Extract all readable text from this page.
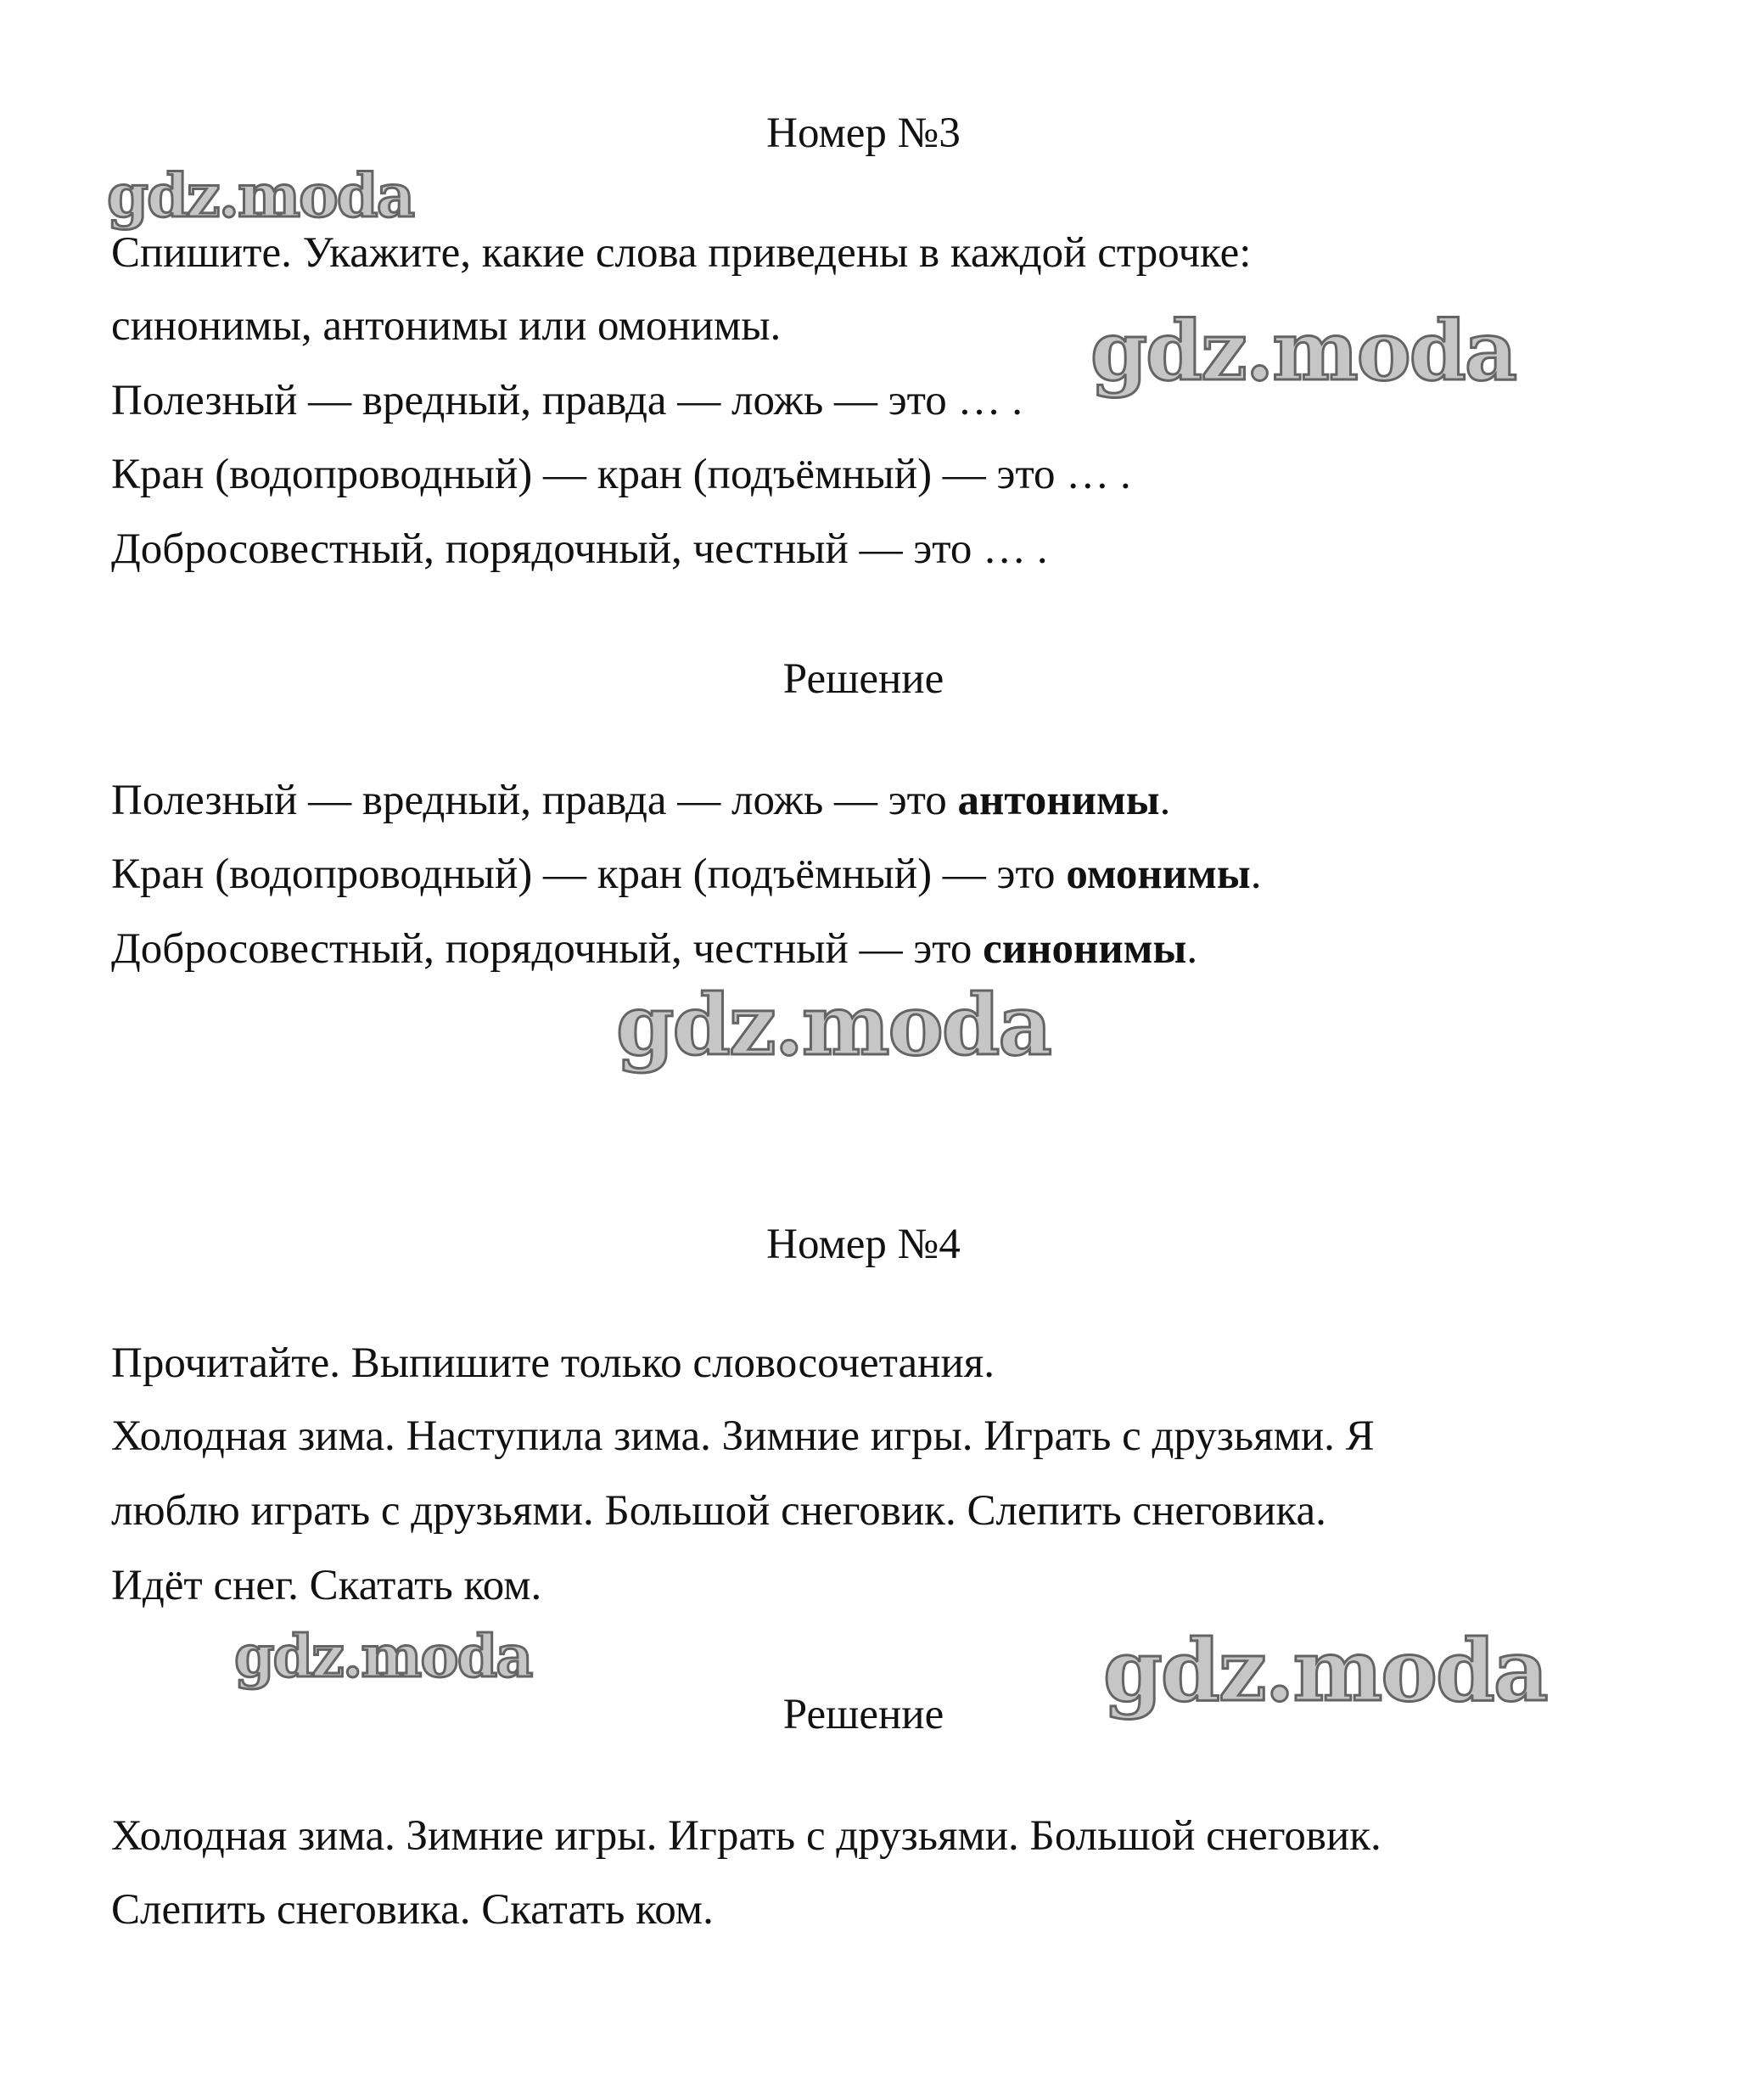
Номер №3
Спишите. Укажите, какие слова приведены в каждой строчке:
синонимы, антонимы или омонимы.
Полезный — вредный, правда — ложь — это … .
Кран (водопроводный) — кран (подъёмный) — это … .
Добросовестный, порядочный, честный — это … .
Решение
Полезный — вредный, правда — ложь — это антонимы.
Кран (водопроводный) — кран (подъёмный) — это омонимы.
Добросовестный, порядочный, честный — это синонимы.
Номер №4
Прочитайте. Выпишите только словосочетания.
Холодная зима. Наступила зима. Зимние игры. Играть с друзьями. Я
люблю играть с друзьями. Большой снеговик. Слепить снеговика.
Идёт снег. Скатать ком.
Решение
Холодная зима. Зимние игры. Играть с друзьями. Большой снеговик.
Слепить снеговика. Скатать ком.
gdz.moda
gdz.moda
gdz.moda
gdz.moda	gdz.moda
